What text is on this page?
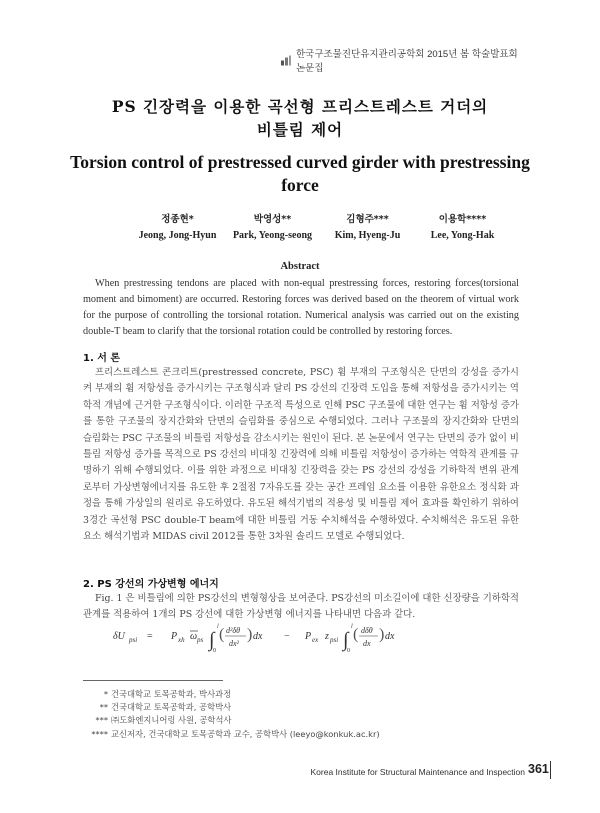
한국구조물진단유지관리공학회 2015년 봄 학술발표회 논문집
PS 긴장력을 이용한 곡선형 프리스트레스트 거더의
비틀림 제어
Torsion control of prestressed curved girder with prestressing
force
정종현*
Jeong, Jong-Hyun
박영성**
Park, Yeong-seong
김형주***
Kim, Hyeng-Ju
이용학****
Lee, Yong-Hak
Abstract
When prestressing tendons are placed with non-equal prestressing forces, restoring forces(torsional moment and bimoment) are occurred. Restoring forces was derived based on the theorem of virtual work for the purpose of controlling the torsional rotation. Numerical analysis was carried out on the existing double-T beam to clarify that the torsional rotation could be controlled by restoring forces.
1. 서 론
프리스트레스트 콘크리트(prestressed concrete, PSC) 휨 부재의 구조형식은 단면의 강성을 증가시켜 부재의 휨 저항성을 증가시키는 구조형식과 달리 PS 강선의 긴장력 도입을 통해 저항성을 증가시키는 역학적 개념에 근거한 구조형식이다. 이러한 구조적 특성으로 인해 PSC 구조물에 대한 연구는 휨 저항성 증가를 통한 구조물의 장지간화와 단면의 슬림화를 중심으로 수행되었다. 그러나 구조물의 장지간화와 단면의 슬림화는 PSC 구조물의 비틀림 저항성을 감소시키는 원인이 된다. 본 논문에서 연구는 단면의 증가 없이 비틀림 저항성 증가를 목적으로 PS 강선의 비대칭 긴장력에 의해 비틀림 저항성이 증가하는 역학적 관계를 규명하기 위해 수행되었다. 이를 위한 과정으로 비대칭 긴장력을 갖는 PS 강선의 강성을 기하학적 변위 관계로부터 가상변형에너지를 유도한 후 2절점 7자유도를 갖는 공간 프레임 요소를 이용한 유한요소 정식화 과정을 통해 가상일의 원리로 유도하였다. 유도된 해석기법의 적용성 및 비틀림 제어 효과를 확인하기 위하여 3경간 곡선형 PSC double-T beam에 대한 비틀림 거동 수치해석을 수행하였다. 수치해석은 유도된 유한요소 해석기법과 MIDAS civil 2012를 통한 3차원 솔리드 모델로 수행되었다.
2. PS 강선의 가상변형 에너지
Fig. 1 은 비틀림에 의한 PS강선의 변형형상을 보여준다. PS강선의 미소길이에 대한 신장량을 기하학적 관계를 적용하여 1개의 PS 강선에 대한 가상변형 에너지를 나타내면 다음과 같다.
δU psi = P xh ω ps ∫
l
0
( d²δθ
dx²
) dx − P ex z psi ∫
l
0
( dδθ
dx
) dx
* 건국대학교 토목공학과, 박사과정
** 건국대학교 토목공학과, 공학박사
*** ㈜도화엔지니어링 사원, 공학석사
**** 교신저자, 건국대학교 토목공학과 교수, 공학박사 (leeyo@konkuk.ac.kr)
Korea Institute for Structural Maintenance and Inspection 361
